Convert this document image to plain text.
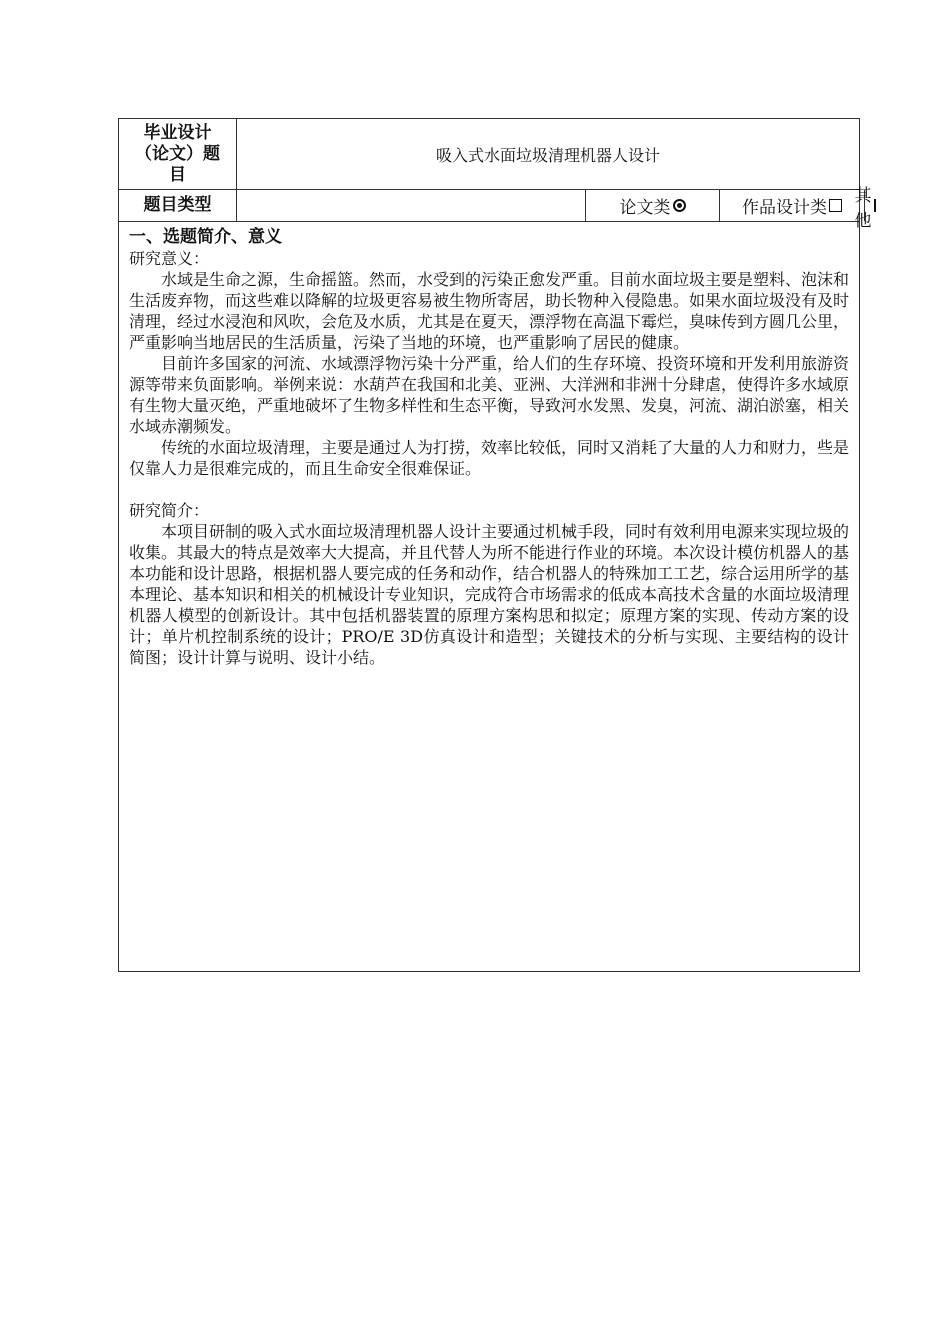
毕业设计（论文）题目
吸入式水面垃圾清理机器人设计
题目类型	论文类	作品设计类
其他
一、选题简介、意义

研究意义：

水域是生命之源，生命摇篮。然而，水受到的污染正愈发严重。目前水面垃圾主要是塑料、泡沫和生活废弃物，而这些难以降解的垃圾更容易被生物所寄居，助长物种入侵隐患。如果水面垃圾没有及时清理，经过水浸泡和风吹，会危及水质，尤其是在夏天，漂浮物在高温下霉烂，臭味传到方圆几公里，严重影响当地居民的生活质量，污染了当地的环境，也严重影响了居民的健康。

目前许多国家的河流、水域漂浮物污染十分严重，给人们的生存环境、投资环境和开发利用旅游资源等带来负面影响。举例来说：水葫芦在我国和北美、亚洲、大洋洲和非洲十分肆虐，使得许多水域原有生物大量灭绝，严重地破坏了生物多样性和生态平衡，导致河水发黑、发臭，河流、湖泊淤塞，相关水域赤潮频发。

传统的水面垃圾清理，主要是通过人为打捞，效率比较低，同时又消耗了大量的人力和财力，些是仅靠人力是很难完成的，而且生命安全很难保证。

研究简介：

本项目研制的吸入式水面垃圾清理机器人设计主要通过机械手段，同时有效利用电源来实现垃圾的收集。其最大的特点是效率大大提高，并且代替人为所不能进行作业的环境。本次设计模仿机器人的基本功能和设计思路，根据机器人要完成的任务和动作，结合机器人的特殊加工工艺，综合运用所学的基本理论、基本知识和相关的机械设计专业知识，完成符合市场需求的低成本高技术含量的水面垃圾清理机器人模型的创新设计。其中包括机器装置的原理方案构思和拟定；原理方案的实现、传动方案的设计；单片机控制系统的设计；PRO/E 3D仿真设计和造型；关键技术的分析与实现、主要结构的设计简图；设计计算与说明、设计小结。
